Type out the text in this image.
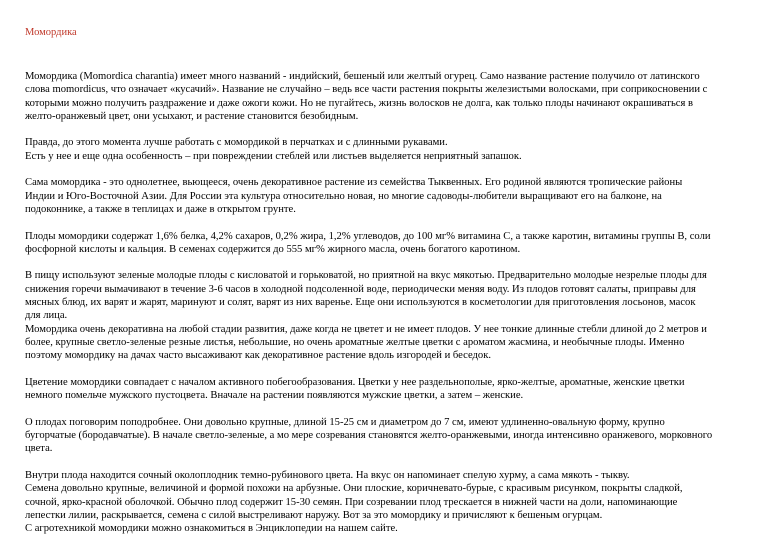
Момордика
Момордика (Momordica charantia) имеет много названий - индийский, бешеный или желтый огурец. Само название растение получило от латинского
слова momordicus, что означает «кусачий». Название не случайно – ведь все части растения покрыты железистыми волосками, при соприкосновении с
которыми можно получить раздражение и даже ожоги кожи. Но не пугайтесь, жизнь волосков не долга, как только плоды начинают окрашиваться в
желто-оранжевый цвет, они усыхают, и растение становится безобидным.
Правда, до этого момента лучше работать с момордикой в перчатках и с длинными рукавами.
Есть у нее и еще одна особенность – при повреждении стеблей или листьев выделяется неприятный запашок.
Сама момордика - это однолетнее, вьющееся, очень декоративное растение из семейства Тыквенных. Его родиной являются тропические районы
Индии и Юго-Восточной Азии. Для России эта культура относительно новая, но многие садоводы-любители выращивают его на балконе, на
подоконнике, а также в теплицах и даже в открытом грунте.
Плоды момордики содержат 1,6% белка, 4,2% сахаров, 0,2% жира, 1,2% углеводов, до 100 мг% витамина С, а также каротин, витамины группы В, соли
фосфорной кислоты и кальция. В семенах содержится до 555 мг% жирного масла, очень богатого каротином.
В пищу используют зеленые молодые плоды с кисловатой и горьковатой, но приятной на вкус мякотью. Предварительно молодые незрелые плоды для
снижения горечи вымачивают в течение 3-6 часов в холодной подсоленной воде, периодически меняя воду. Из плодов готовят салаты, приправы для
мясных блюд, их варят и жарят, маринуют и солят, варят из них варенье. Еще они используются в косметологии для приготовления лосьонов, масок
для лица.
Момордика очень декоративна на любой стадии развития, даже когда не цветет и не имеет плодов. У нее тонкие длинные стебли длиной до 2 метров и
более, крупные светло-зеленые резные листья, небольшие, но очень ароматные желтые цветки с ароматом жасмина, и необычные плоды. Именно
поэтому момордику на дачах часто высаживают как декоративное растение вдоль изгородей и беседок.
Цветение момордики совпадает с началом активного побегообразования. Цветки у нее раздельнополые, ярко-желтые, ароматные, женские цветки
немного помельче мужского пустоцвета. Вначале на растении появляются мужские цветки, а затем – женские.
О плодах поговорим поподробнее. Они довольно крупные, длиной 15-25 см и диаметром до 7 см, имеют удлиненно-овальную форму, крупно
бугорчатые (бородавчатые). В начале светло-зеленые, а мо мере созревания становятся желто-оранжевыми, иногда интенсивно оранжевого, морковного
цвета.
Внутри плода находится сочный околоплодник темно-рубинового цвета. На вкус он напоминает спелую хурму, а сама мякоть - тыкву.
Семена довольно крупные, величиной и формой похожи на арбузные. Они плоские, коричневато-бурые, с красивым рисунком, покрыты сладкой,
сочной, ярко-красной оболочкой. Обычно плод содержит 15-30 семян. При созревании плод трескается в нижней части на доли, напоминающие
лепестки лилии, раскрывается, семена с силой выстреливают наружу. Вот за это момордику и причисляют к бешеным огурцам.
С агротехникой момордики можно ознакомиться в Энциклопедии на нашем сайте.
